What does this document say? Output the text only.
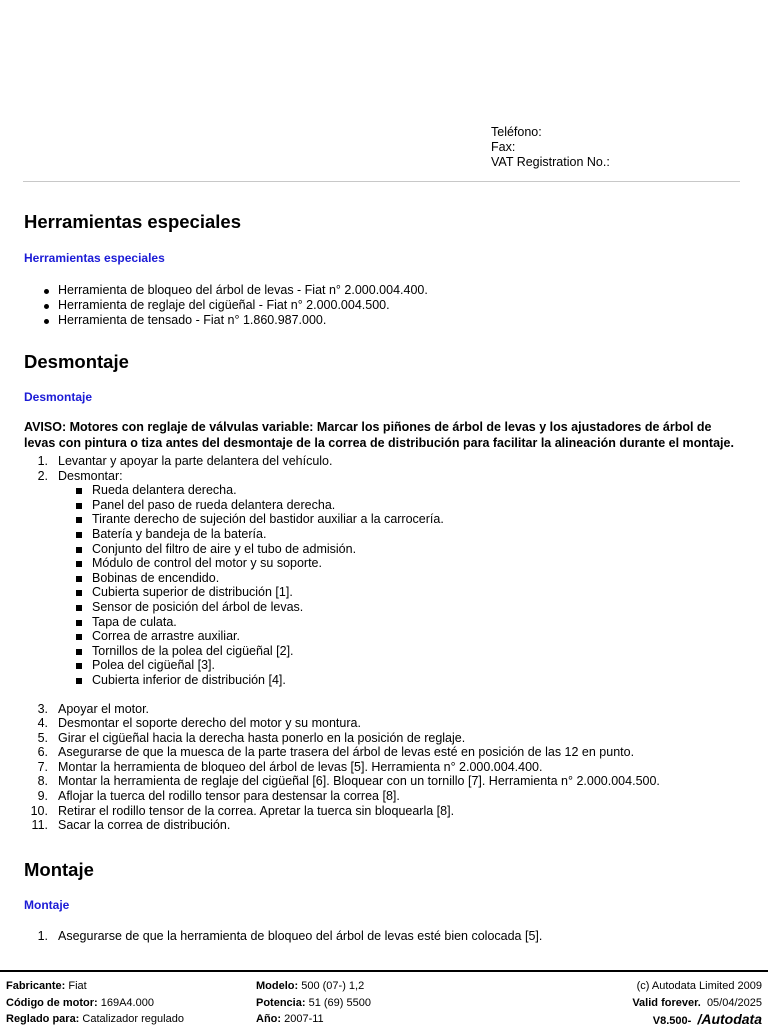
Teléfono:
Fax:
VAT Registration No.:
Herramientas especiales
Herramientas especiales
Herramienta de bloqueo del árbol de levas - Fiat n° 2.000.004.400.
Herramienta de reglaje del cigüeñal - Fiat n° 2.000.004.500.
Herramienta de tensado - Fiat n° 1.860.987.000.
Desmontaje
Desmontaje

AVISO: Motores con reglaje de válvulas variable: Marcar los piñones de árbol de levas y los ajustadores de árbol de
levas con pintura o tiza antes del desmontaje de la correa de distribución para facilitar la alineación durante el montaje.

1. Levantar y apoyar la parte delantera del vehículo.
2. Desmontar:
Rueda delantera derecha.
Panel del paso de rueda delantera derecha.
Tirante derecho de sujeción del bastidor auxiliar a la carrocería.
Batería y bandeja de la batería.
Conjunto del filtro de aire y el tubo de admisión.
Módulo de control del motor y su soporte.
Bobinas de encendido.
Cubierta superior de distribución [1].
Sensor de posición del árbol de levas.
Tapa de culata.
Correa de arrastre auxiliar.
Tornillos de la polea del cigüeñal [2].
Polea del cigüeñal [3].
Cubierta inferior de distribución [4].
3. Apoyar el motor.
4. Desmontar el soporte derecho del motor y su montura.
5. Girar el cigüeñal hacia la derecha hasta ponerlo en la posición de reglaje.
6. Asegurarse de que la muesca de la parte trasera del árbol de levas esté en posición de las 12 en punto.
7. Montar la herramienta de bloqueo del árbol de levas [5]. Herramienta n° 2.000.004.400.
8. Montar la herramienta de reglaje del cigüeñal [6]. Bloquear con un tornillo [7]. Herramienta n° 2.000.004.500.
9. Aflojar la tuerca del rodillo tensor para destensar la correa [8].
10. Retirar el rodillo tensor de la correa. Apretar la tuerca sin bloquearla [8].
11. Sacar la correa de distribución.
Montaje
Montaje
1. Asegurarse de que la herramienta de bloqueo del árbol de levas esté bien colocada [5].
Fabricante: Fiat
Código de motor: 169A4.000
Reglado para: Catalizador regulado
Modelo: 500 (07-) 1,2
Potencia: 51 (69) 5500
Año: 2007-11
(c) Autodata Limited 2009
Valid forever. 05/04/2025
V8.500- /Autodata
